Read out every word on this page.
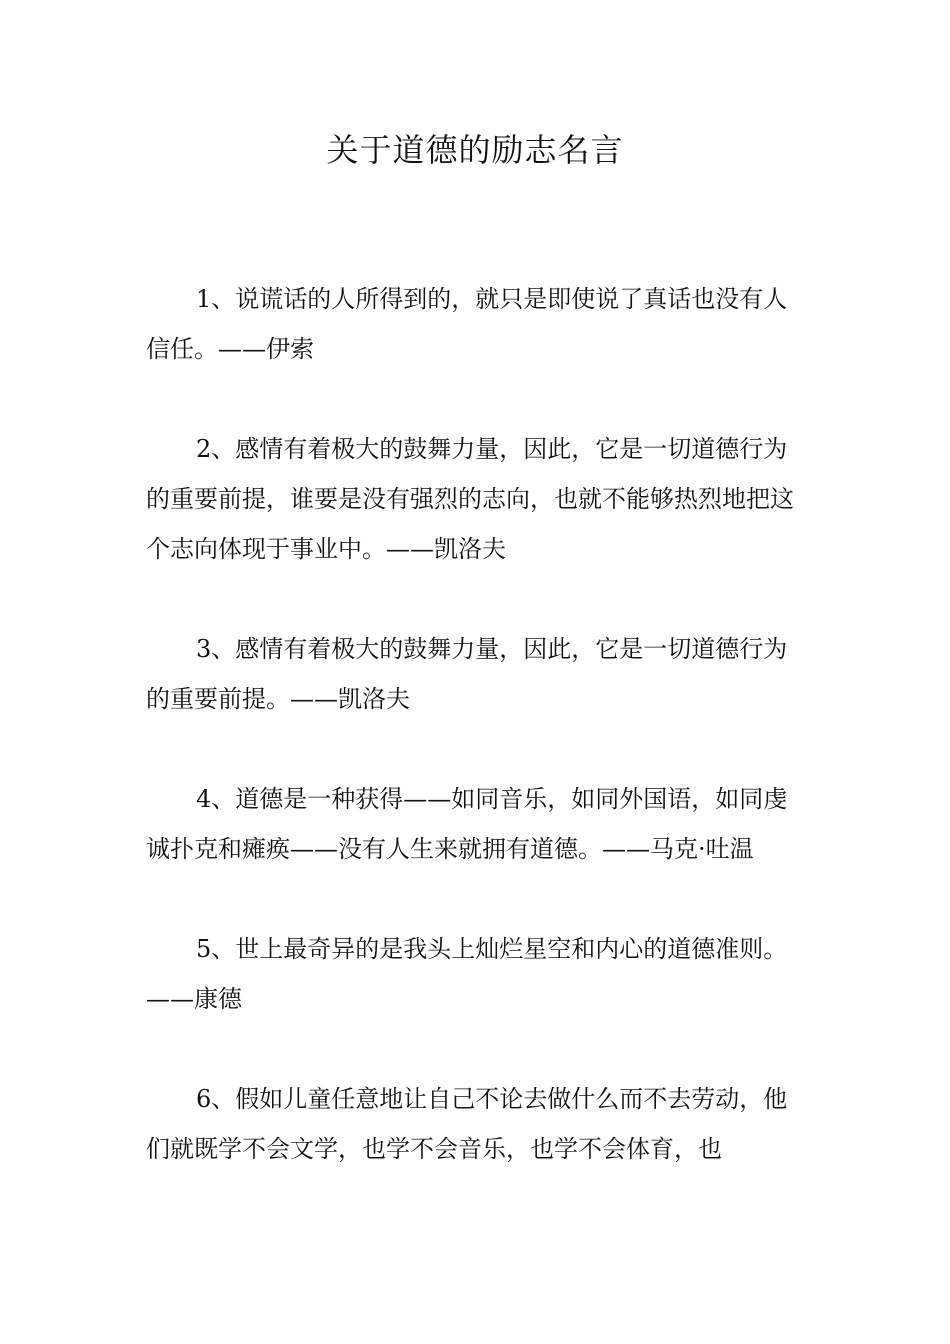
关于道德的励志名言

1、说谎话的人所得到的，就只是即使说了真话也没有人信任。——伊索

2、感情有着极大的鼓舞力量，因此，它是一切道德行为的重要前提，谁要是没有强烈的志向，也就不能够热烈地把这个志向体现于事业中。——凯洛夫

3、感情有着极大的鼓舞力量，因此，它是一切道德行为的重要前提。——凯洛夫

4、道德是一种获得——如同音乐，如同外国语，如同虔诚扑克和瘫痪——没有人生来就拥有道德。——马克·吐温

5、世上最奇异的是我头上灿烂星空和内心的道德准则。——康德

6、假如儿童任意地让自己不论去做什么而不去劳动，他们就既学不会文学，也学不会音乐，也学不会体育，也
